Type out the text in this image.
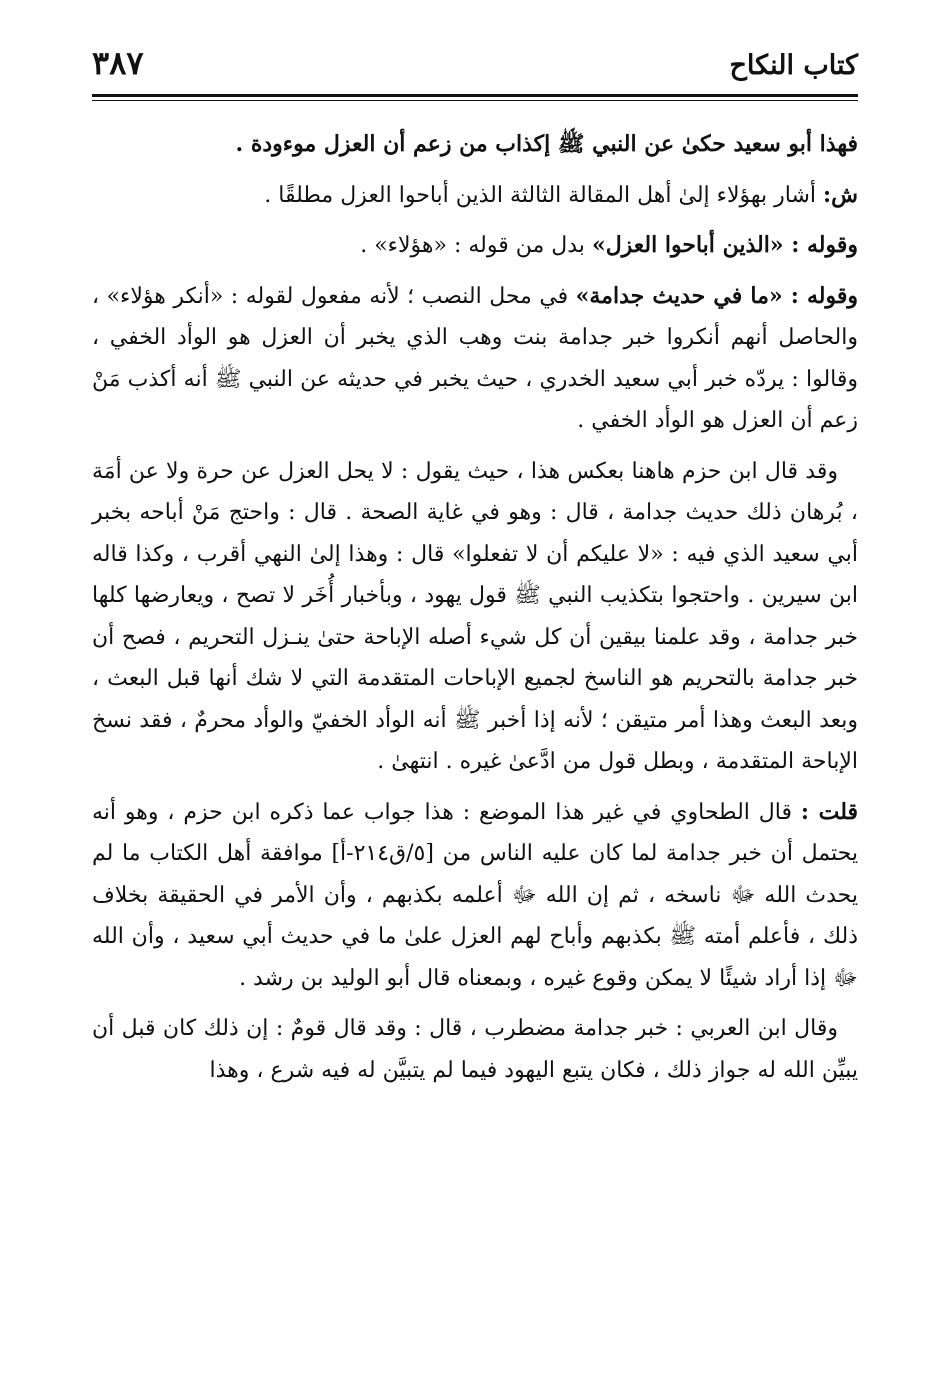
كتاب النكاح
٣٨٧

فهذا أبو سعيد حكىٰ عن النبي ﷺ إكذاب من زعم أن العزل موءودة .

ش: أشار بهؤلاء إلىٰ أهل المقالة الثالثة الذين أباحوا العزل مطلقًا .

وقوله : «الذين أباحوا العزل» بدل من قوله : «هؤلاء» .

وقوله : «ما في حديث جدامة» في محل النصب ؛ لأنه مفعول لقوله : «أنكر هؤلاء» ، والحاصل أنهم أنكروا خبر جدامة بنت وهب الذي يخبر أن العزل هو الوأد الخفي ، وقالوا : يردّه خبر أبي سعيد الخدري ، حيث يخبر في حديثه عن النبي ﷺ أنه أكذب مَنْ زعم أن العزل هو الوأد الخفي .

وقد قال ابن حزم هاهنا بعكس هذا ، حيث يقول : لا يحل العزل عن حرة ولا عن أمَة ، بُرهان ذلك حديث جدامة ، قال : وهو في غاية الصحة . قال : واحتج مَنْ أباحه بخبر أبي سعيد الذي فيه : «لا عليكم أن لا تفعلوا» قال : وهذا إلىٰ النهي أقرب ، وكذا قاله ابن سيرين . واحتجوا بتكذيب النبي ﷺ قول يهود ، وبأخبار أُخَر لا تصح ، ويعارضها كلها خبر جدامة ، وقد علمنا بيقين أن كل شيء أصله الإباحة حتىٰ ينـزل التحريم ، فصح أن خبر جدامة بالتحريم هو الناسخ لجميع الإباحات المتقدمة التي لا شك أنها قبل البعث ، وبعد البعث وهذا أمر متيقن ؛ لأنه إذا أخبر ﷺ أنه الوأد الخفيّ والوأد محرمٌ ، فقد نسخ الإباحة المتقدمة ، وبطل قول من ادَّعىٰ غيره . انتهىٰ .

قلت : قال الطحاوي في غير هذا الموضع : هذا جواب عما ذكره ابن حزم ، وهو أنه يحتمل أن خبر جدامة لما كان عليه الناس من [٥/ق٢١٤-أ] موافقة أهل الكتاب ما لم يحدث الله ﷻ ناسخه ، ثم إن الله ﷻ أعلمه بكذبهم ، وأن الأمر في الحقيقة بخلاف ذلك ، فأعلم أمته ﷺ بكذبهم وأباح لهم العزل علىٰ ما في حديث أبي سعيد ، وأن الله ﷻ إذا أراد شيئًا لا يمكن وقوع غيره ، وبمعناه قال أبو الوليد بن رشد .

وقال ابن العربي : خبر جدامة مضطرب ، قال : وقد قال قومٌ : إن ذلك كان قبل أن يبيِّن الله له جواز ذلك ، فكان يتبع اليهود فيما لم يتبيَّن له فيه شرع ، وهذا
